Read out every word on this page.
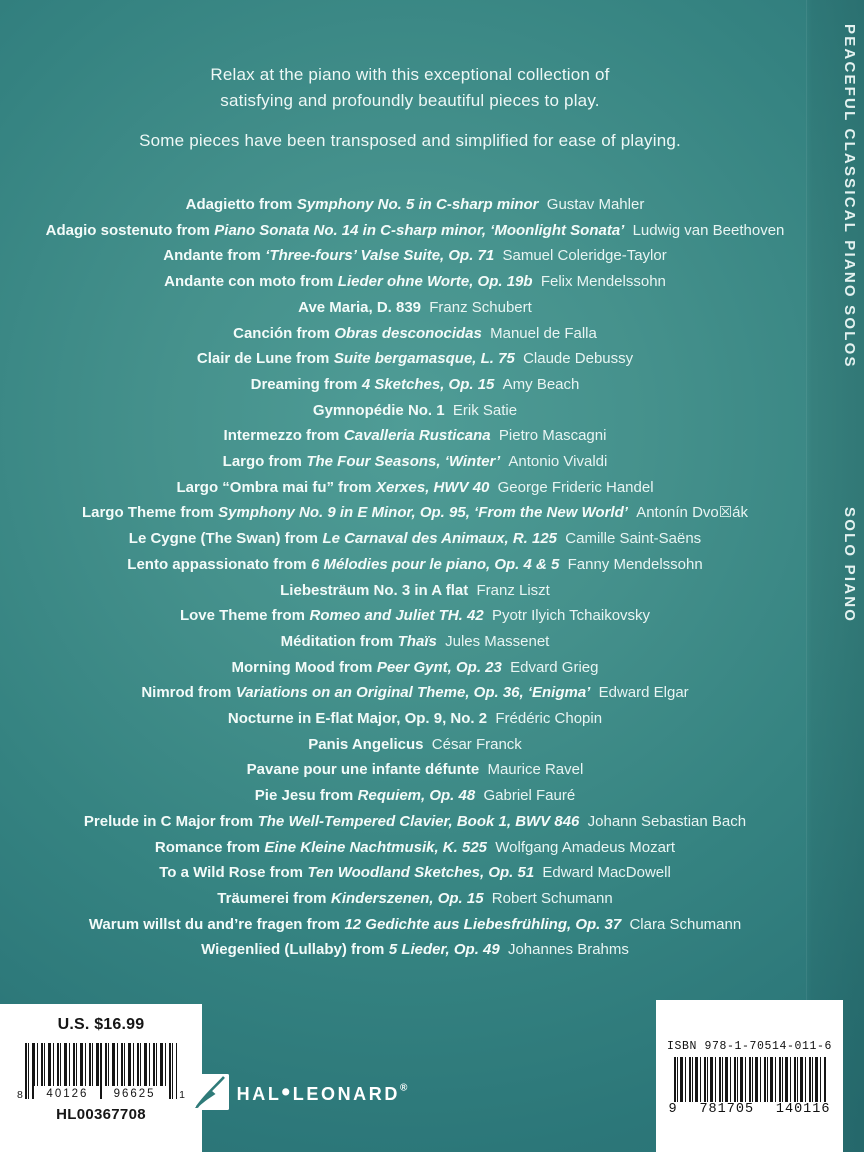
Relax at the piano with this exceptional collection of
satisfying and profoundly beautiful pieces to play.

Some pieces have been transposed and simplified for ease of playing.

Adagietto from Symphony No. 5 in C-sharp minor Gustav Mahler
Adagio sostenuto from Piano Sonata No. 14 in C-sharp minor, ‘Moonlight Sonata’ Ludwig van Beethoven
Andante from ‘Three-fours’ Valse Suite, Op. 71 Samuel Coleridge-Taylor
Andante con moto from Lieder ohne Worte, Op. 19b Felix Mendelssohn
Ave Maria, D. 839 Franz Schubert
Canción from Obras desconocidas Manuel de Falla
Clair de Lune from Suite bergamasque, L. 75 Claude Debussy
Dreaming from 4 Sketches, Op. 15 Amy Beach
Gymnopédie No. 1 Erik Satie
Intermezzo from Cavalleria Rusticana Pietro Mascagni
Largo from The Four Seasons, ‘Winter’ Antonio Vivaldi
Largo “Ombra mai fu” from Xerxes, HWV 40 George Frideric Handel
Largo Theme from Symphony No. 9 in E Minor, Op. 95, ‘From the New World’ Antonín Dvo☒ák
Le Cygne (The Swan) from Le Carnaval des Animaux, R. 125 Camille Saint-Saëns
Lento appassionato from 6 Mélodies pour le piano, Op. 4 & 5 Fanny Mendelssohn
Liebesträum No. 3 in A flat Franz Liszt
Love Theme from Romeo and Juliet TH. 42 Pyotr Ilyich Tchaikovsky
Méditation from Thaïs Jules Massenet
Morning Mood from Peer Gynt, Op. 23 Edvard Grieg
Nimrod from Variations on an Original Theme, Op. 36, ‘Enigma’ Edward Elgar
Nocturne in E-flat Major, Op. 9, No. 2 Frédéric Chopin
Panis Angelicus César Franck
Pavane pour une infante défunte Maurice Ravel
Pie Jesu from Requiem, Op. 48 Gabriel Fauré
Prelude in C Major from The Well-Tempered Clavier, Book 1, BWV 846 Johann Sebastian Bach
Romance from Eine Kleine Nachtmusik, K. 525 Wolfgang Amadeus Mozart
To a Wild Rose from Ten Woodland Sketches, Op. 51 Edward MacDowell
Träumerei from Kinderszenen, Op. 15 Robert Schumann
Warum willst du and’re fragen from 12 Gedichte aus Liebesfrühling, Op. 37 Clara Schumann
Wiegenlied (Lullaby) from 5 Lieder, Op. 49 Johannes Brahms
PEACEFUL CLASSICAL PIANO SOLOS
SOLO PIANO
U.S. $16.99
8 40126 96625 1
HL00367708
hal•leonard®
ISBN 978-1-70514-011-6
9 781705 140116
